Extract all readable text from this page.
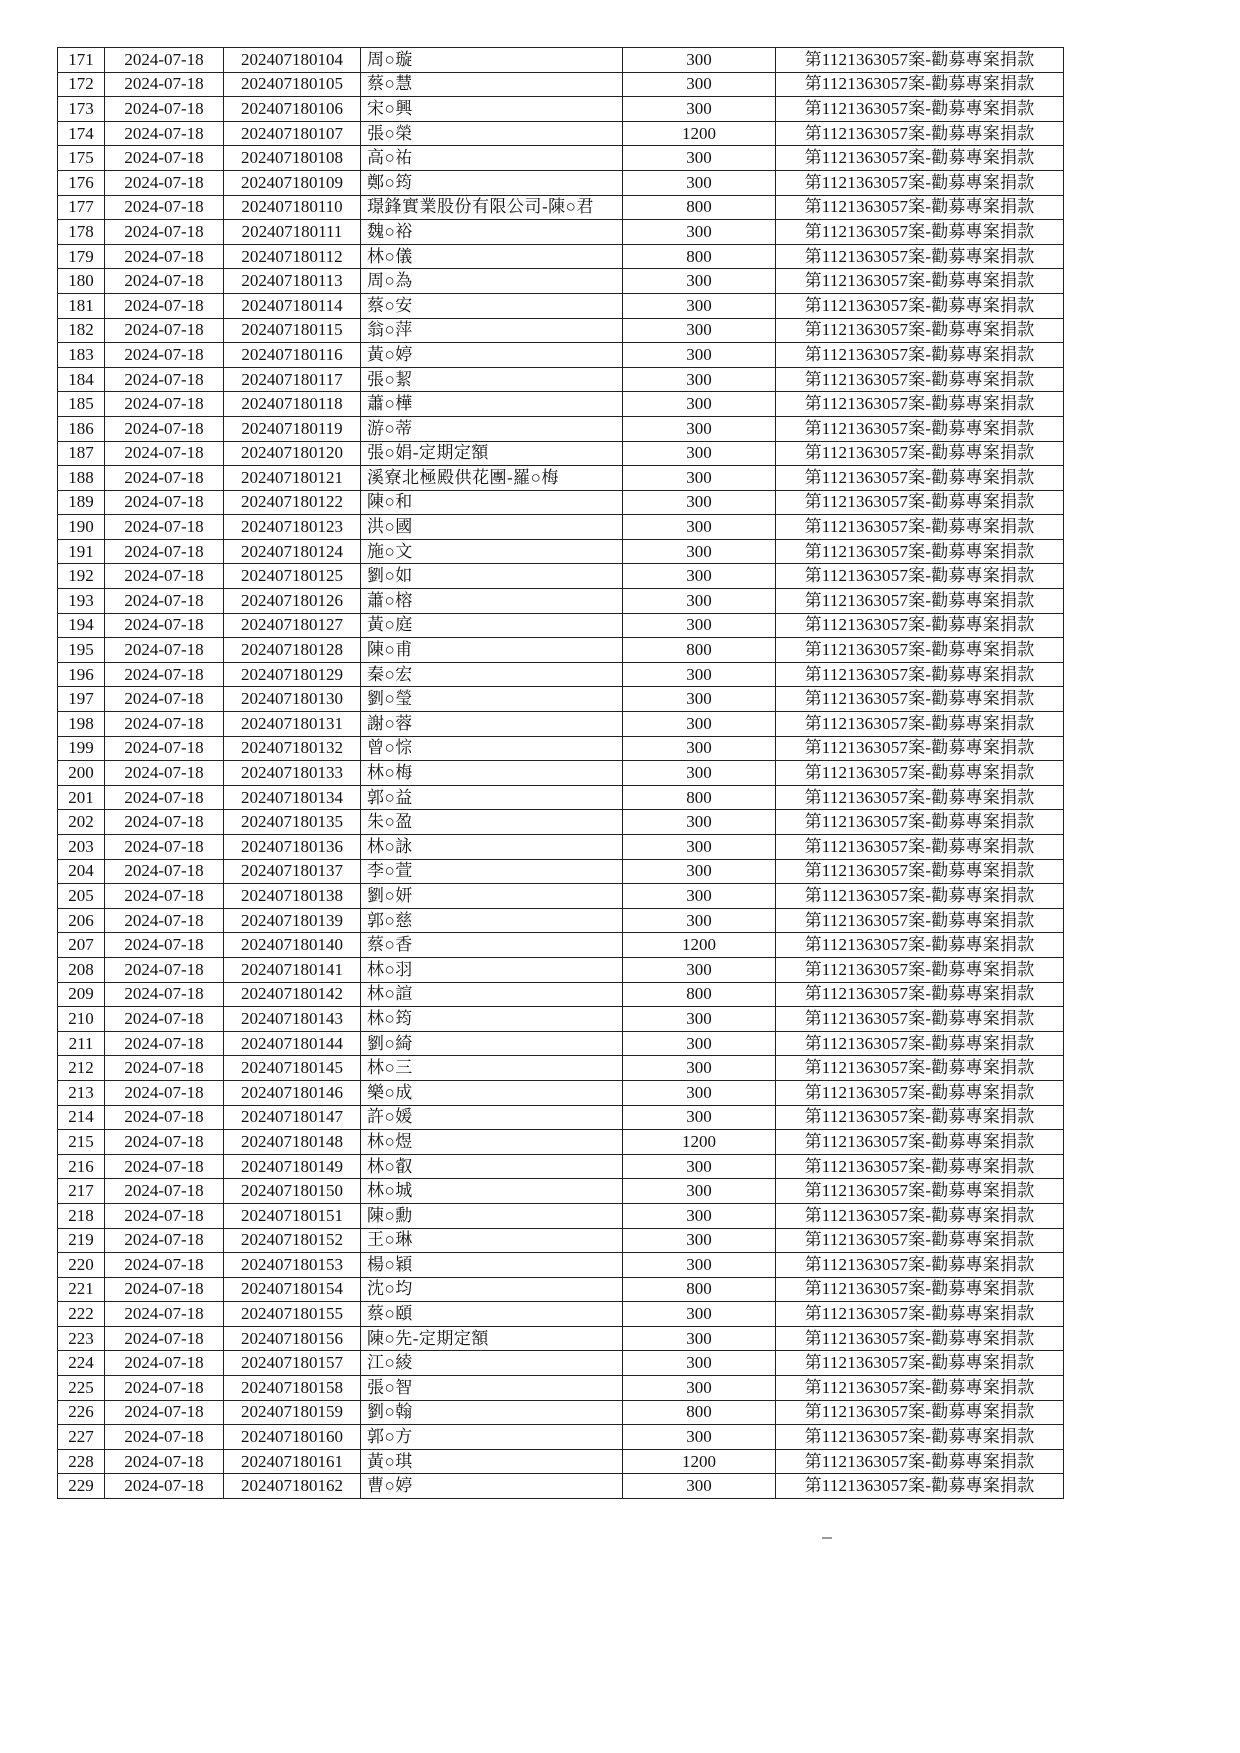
171	2024-07-18	202407180104	周○璇	300	第1121363057案-勸募專案捐款
172	2024-07-18	202407180105	蔡○慧	300	第1121363057案-勸募專案捐款
173	2024-07-18	202407180106	宋○興	300	第1121363057案-勸募專案捐款
174	2024-07-18	202407180107	張○榮	1200	第1121363057案-勸募專案捐款
175	2024-07-18	202407180108	高○祐	300	第1121363057案-勸募專案捐款
176	2024-07-18	202407180109	鄭○筠	300	第1121363057案-勸募專案捐款
177	2024-07-18	202407180110	璟鋒實業股份有限公司-陳○君	800	第1121363057案-勸募專案捐款
178	2024-07-18	202407180111	魏○裕	300	第1121363057案-勸募專案捐款
179	2024-07-18	202407180112	林○儀	800	第1121363057案-勸募專案捐款
180	2024-07-18	202407180113	周○為	300	第1121363057案-勸募專案捐款
181	2024-07-18	202407180114	蔡○安	300	第1121363057案-勸募專案捐款
182	2024-07-18	202407180115	翁○萍	300	第1121363057案-勸募專案捐款
183	2024-07-18	202407180116	黃○婷	300	第1121363057案-勸募專案捐款
184	2024-07-18	202407180117	張○絜	300	第1121363057案-勸募專案捐款
185	2024-07-18	202407180118	蕭○樺	300	第1121363057案-勸募專案捐款
186	2024-07-18	202407180119	游○蒂	300	第1121363057案-勸募專案捐款
187	2024-07-18	202407180120	張○娟-定期定額	300	第1121363057案-勸募專案捐款
188	2024-07-18	202407180121	溪寮北極殿供花團-羅○梅	300	第1121363057案-勸募專案捐款
189	2024-07-18	202407180122	陳○和	300	第1121363057案-勸募專案捐款
190	2024-07-18	202407180123	洪○國	300	第1121363057案-勸募專案捐款
191	2024-07-18	202407180124	施○文	300	第1121363057案-勸募專案捐款
192	2024-07-18	202407180125	劉○如	300	第1121363057案-勸募專案捐款
193	2024-07-18	202407180126	蕭○榕	300	第1121363057案-勸募專案捐款
194	2024-07-18	202407180127	黃○庭	300	第1121363057案-勸募專案捐款
195	2024-07-18	202407180128	陳○甫	800	第1121363057案-勸募專案捐款
196	2024-07-18	202407180129	秦○宏	300	第1121363057案-勸募專案捐款
197	2024-07-18	202407180130	劉○瑩	300	第1121363057案-勸募專案捐款
198	2024-07-18	202407180131	謝○蓉	300	第1121363057案-勸募專案捐款
199	2024-07-18	202407180132	曾○悰	300	第1121363057案-勸募專案捐款
200	2024-07-18	202407180133	林○梅	300	第1121363057案-勸募專案捐款
201	2024-07-18	202407180134	郭○益	800	第1121363057案-勸募專案捐款
202	2024-07-18	202407180135	朱○盈	300	第1121363057案-勸募專案捐款
203	2024-07-18	202407180136	林○詠	300	第1121363057案-勸募專案捐款
204	2024-07-18	202407180137	李○萱	300	第1121363057案-勸募專案捐款
205	2024-07-18	202407180138	劉○妍	300	第1121363057案-勸募專案捐款
206	2024-07-18	202407180139	郭○慈	300	第1121363057案-勸募專案捐款
207	2024-07-18	202407180140	蔡○香	1200	第1121363057案-勸募專案捐款
208	2024-07-18	202407180141	林○羽	300	第1121363057案-勸募專案捐款
209	2024-07-18	202407180142	林○諠	800	第1121363057案-勸募專案捐款
210	2024-07-18	202407180143	林○筠	300	第1121363057案-勸募專案捐款
211	2024-07-18	202407180144	劉○綺	300	第1121363057案-勸募專案捐款
212	2024-07-18	202407180145	林○三	300	第1121363057案-勸募專案捐款
213	2024-07-18	202407180146	樂○成	300	第1121363057案-勸募專案捐款
214	2024-07-18	202407180147	許○媛	300	第1121363057案-勸募專案捐款
215	2024-07-18	202407180148	林○煜	1200	第1121363057案-勸募專案捐款
216	2024-07-18	202407180149	林○叡	300	第1121363057案-勸募專案捐款
217	2024-07-18	202407180150	林○城	300	第1121363057案-勸募專案捐款
218	2024-07-18	202407180151	陳○勳	300	第1121363057案-勸募專案捐款
219	2024-07-18	202407180152	王○琳	300	第1121363057案-勸募專案捐款
220	2024-07-18	202407180153	楊○穎	300	第1121363057案-勸募專案捐款
221	2024-07-18	202407180154	沈○均	800	第1121363057案-勸募專案捐款
222	2024-07-18	202407180155	蔡○頤	300	第1121363057案-勸募專案捐款
223	2024-07-18	202407180156	陳○先-定期定額	300	第1121363057案-勸募專案捐款
224	2024-07-18	202407180157	江○綾	300	第1121363057案-勸募專案捐款
225	2024-07-18	202407180158	張○智	300	第1121363057案-勸募專案捐款
226	2024-07-18	202407180159	劉○翰	800	第1121363057案-勸募專案捐款
227	2024-07-18	202407180160	郭○方	300	第1121363057案-勸募專案捐款
228	2024-07-18	202407180161	黃○琪	1200	第1121363057案-勸募專案捐款
229	2024-07-18	202407180162	曹○婷	300	第1121363057案-勸募專案捐款
